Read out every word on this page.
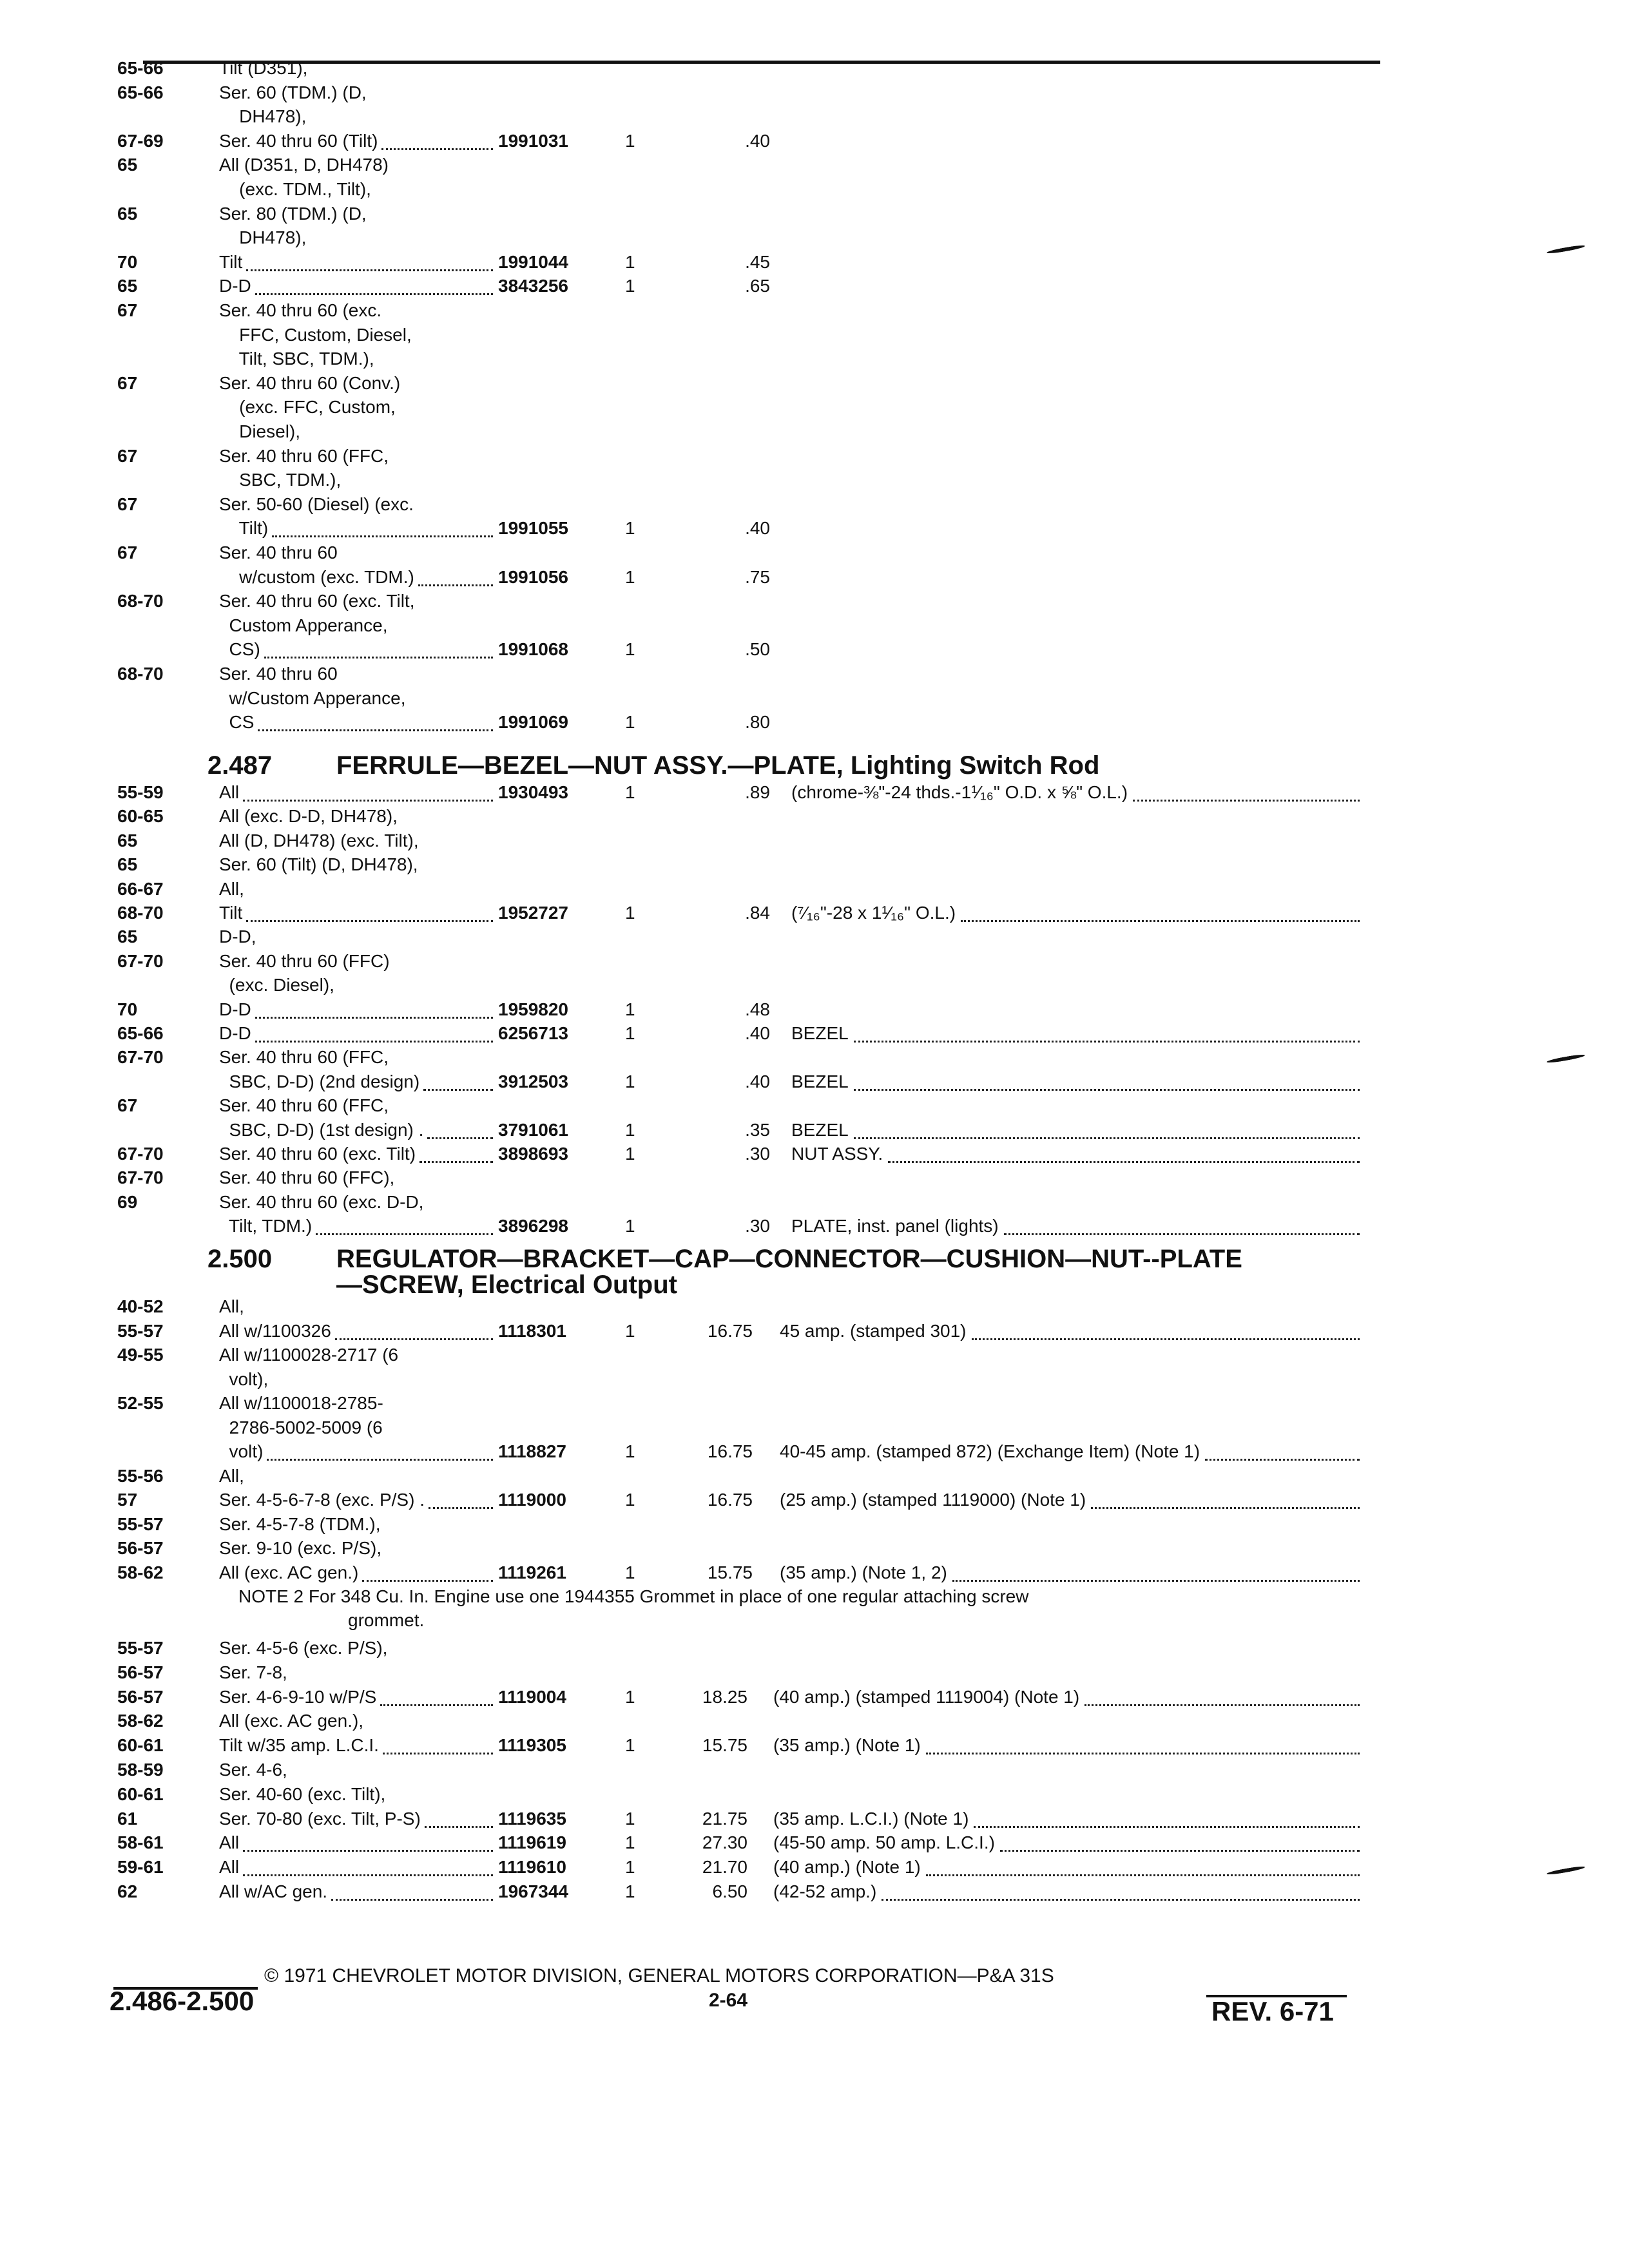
65-66	Tilt (D351),
65-66	Ser. 60 (TDM.) (D,
DH478),
67-69	Ser. 40 thru 60 (Tilt)	1991031	1	.40
65	All (D351, D, DH478)
(exc. TDM., Tilt),
65	Ser. 80 (TDM.) (D,
DH478),
70	Tilt	1991044	1	.45
65	D-D	3843256	1	.65
67	Ser. 40 thru 60 (exc.
FFC, Custom, Diesel,
Tilt, SBC, TDM.),
67	Ser. 40 thru 60 (Conv.)
(exc. FFC, Custom,
Diesel),
67	Ser. 40 thru 60 (FFC,
SBC, TDM.),
67	Ser. 50-60 (Diesel) (exc.
Tilt)	1991055	1	.40
67	Ser. 40 thru 60
w/custom (exc. TDM.)	1991056	1	.75
68-70	Ser. 40 thru 60 (exc. Tilt,
Custom Apperance,
CS)	1991068	1	.50
68-70	Ser. 40 thru 60
w/Custom Apperance,
CS	1991069	1	.80
2.487 FERRULE—BEZEL—NUT ASSY.—PLATE, Lighting Switch Rod
55-59	All	1930493	1	.89 (chrome-⅜"-24 thds.-1¹⁄₁₆" O.D. x ⅝" O.L.)
60-65	All (exc. D-D, DH478),
65	All (D, DH478) (exc. Tilt),
65	Ser. 60 (Tilt) (D, DH478),
66-67	All,
68-70	Tilt	1952727	1	.84 (⁷⁄₁₆"-28 x 1¹⁄₁₆" O.L.)
65	D-D,
67-70	Ser. 40 thru 60 (FFC)
(exc. Diesel),
70	D-D	1959820	1	.48
65-66	D-D	6256713	1	.40 BEZEL
67-70	Ser. 40 thru 60 (FFC,
SBC, D-D) (2nd design)	3912503	1	.40 BEZEL
67	Ser. 40 thru 60 (FFC,
SBC, D-D) (1st design) .	3791061	1	.35 BEZEL
67-70	Ser. 40 thru 60 (exc. Tilt)	3898693	1	.30 NUT ASSY.
67-70	Ser. 40 thru 60 (FFC),
69	Ser. 40 thru 60 (exc. D-D,
Tilt, TDM.)	3896298	1	.30 PLATE, inst. panel (lights)
2.500 REGULATOR—BRACKET—CAP—CONNECTOR—CUSHION—NUT--PLATE
—SCREW, Electrical Output
40-52	All,
55-57	All w/1100326	1118301	1	16.75 45 amp. (stamped 301)
49-55	All w/1100028-2717 (6
volt),
52-55	All w/1100018-2785-
2786-5002-5009 (6
volt)	1118827	1	16.75 40-45 amp. (stamped 872) (Exchange Item) (Note 1)
55-56	All,
57	Ser. 4-5-6-7-8 (exc. P/S) .	1119000	1	16.75 (25 amp.) (stamped 1119000) (Note 1)
55-57	Ser. 4-5-7-8 (TDM.),
56-57	Ser. 9-10 (exc. P/S),
58-62	All (exc. AC gen.)	1119261	1	15.75 (35 amp.) (Note 1, 2)
NOTE 2 For 348 Cu. In. Engine use one 1944355 Grommet in place of one regular attaching screw
grommet.
55-57	Ser. 4-5-6 (exc. P/S),
56-57	Ser. 7-8,
56-57	Ser. 4-6-9-10 w/P/S	1119004	1	18.25 (40 amp.) (stamped 1119004) (Note 1)
58-62	All (exc. AC gen.),
60-61	Tilt w/35 amp. L.C.I.	1119305	1	15.75 (35 amp.) (Note 1)
58-59	Ser. 4-6,
60-61	Ser. 40-60 (exc. Tilt),
61	Ser. 70-80 (exc. Tilt, P-S)	1119635	1	21.75 (35 amp. L.C.I.) (Note 1)
58-61	All	1119619	1	27.30 (45-50 amp. 50 amp. L.C.I.)
59-61	All	1119610	1	21.70 (40 amp.) (Note 1)
62	All w/AC gen.	1967344	1	6.50 (42-52 amp.)
© 1971 CHEVROLET MOTOR DIVISION, GENERAL MOTORS CORPORATION—P&A 31S
2.486-2.500	2-64	REV. 6-71
